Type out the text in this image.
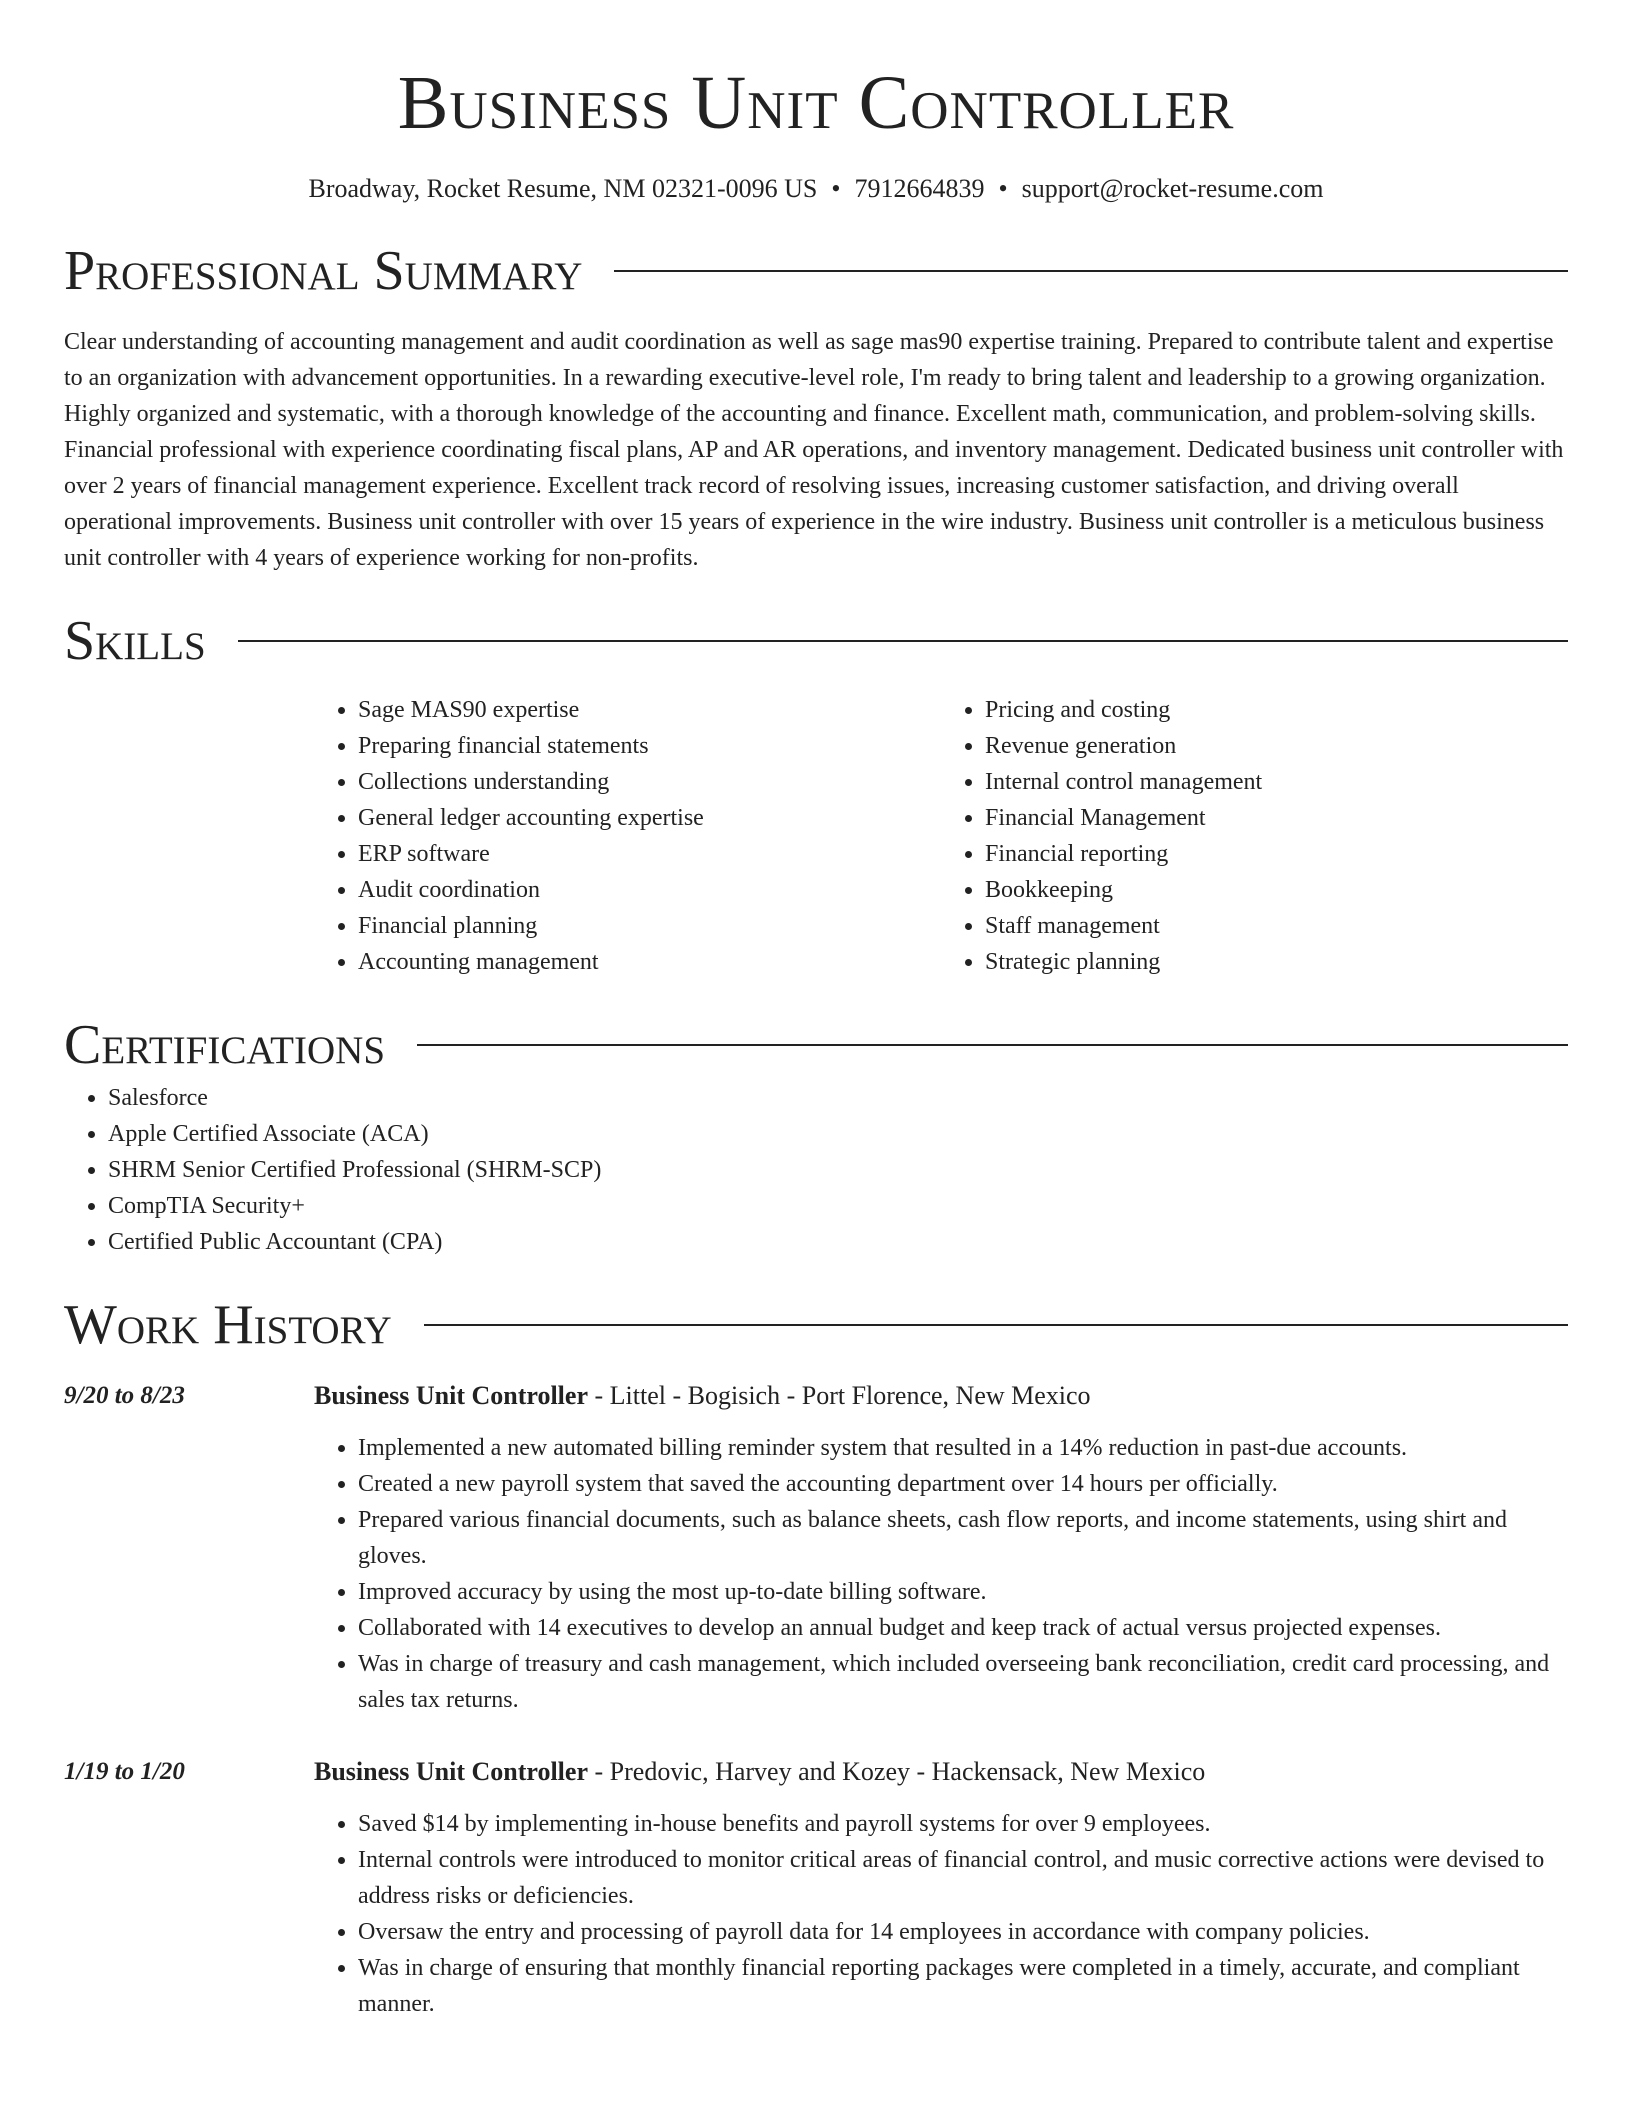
Business Unit Controller
Broadway, Rocket Resume, NM 02321-0096 US • 7912664839 • support@rocket-resume.com
Professional Summary

Clear understanding of accounting management and audit coordination as well as sage mas90 expertise training. Prepared to contribute talent and expertise to an organization with advancement opportunities. In a rewarding executive-level role, I'm ready to bring talent and leadership to a growing organization. Highly organized and systematic, with a thorough knowledge of the accounting and finance. Excellent math, communication, and problem-solving skills. Financial professional with experience coordinating fiscal plans, AP and AR operations, and inventory management. Dedicated business unit controller with over 2 years of financial management experience. Excellent track record of resolving issues, increasing customer satisfaction, and driving overall operational improvements. Business unit controller with over 15 years of experience in the wire industry. Business unit controller is a meticulous business unit controller with 4 years of experience working for non-profits.

Skills
• Sage MAS90 expertise
• Preparing financial statements
• Collections understanding
• General ledger accounting expertise
• ERP software
• Audit coordination
• Financial planning
• Accounting management
• Pricing and costing
• Revenue generation
• Internal control management
• Financial Management
• Financial reporting
• Bookkeeping
• Staff management
• Strategic planning
Certifications
• Salesforce
• Apple Certified Associate (ACA)
• SHRM Senior Certified Professional (SHRM-SCP)
• CompTIA Security+
• Certified Public Accountant (CPA)
Work History
9/20 to 8/23	Business Unit Controller - Littel - Bogisich - Port Florence, New Mexico
• Implemented a new automated billing reminder system that resulted in a 14% reduction in past-due accounts.
• Created a new payroll system that saved the accounting department over 14 hours per officially.
• Prepared various financial documents, such as balance sheets, cash flow reports, and income statements, using shirt and gloves.
• Improved accuracy by using the most up-to-date billing software.
• Collaborated with 14 executives to develop an annual budget and keep track of actual versus projected expenses.
• Was in charge of treasury and cash management, which included overseeing bank reconciliation, credit card processing, and sales tax returns.
1/19 to 1/20	Business Unit Controller - Predovic, Harvey and Kozey - Hackensack, New Mexico
• Saved $14 by implementing in-house benefits and payroll systems for over 9 employees.
• Internal controls were introduced to monitor critical areas of financial control, and music corrective actions were devised to address risks or deficiencies.
• Oversaw the entry and processing of payroll data for 14 employees in accordance with company policies.
• Was in charge of ensuring that monthly financial reporting packages were completed in a timely, accurate, and compliant manner.
